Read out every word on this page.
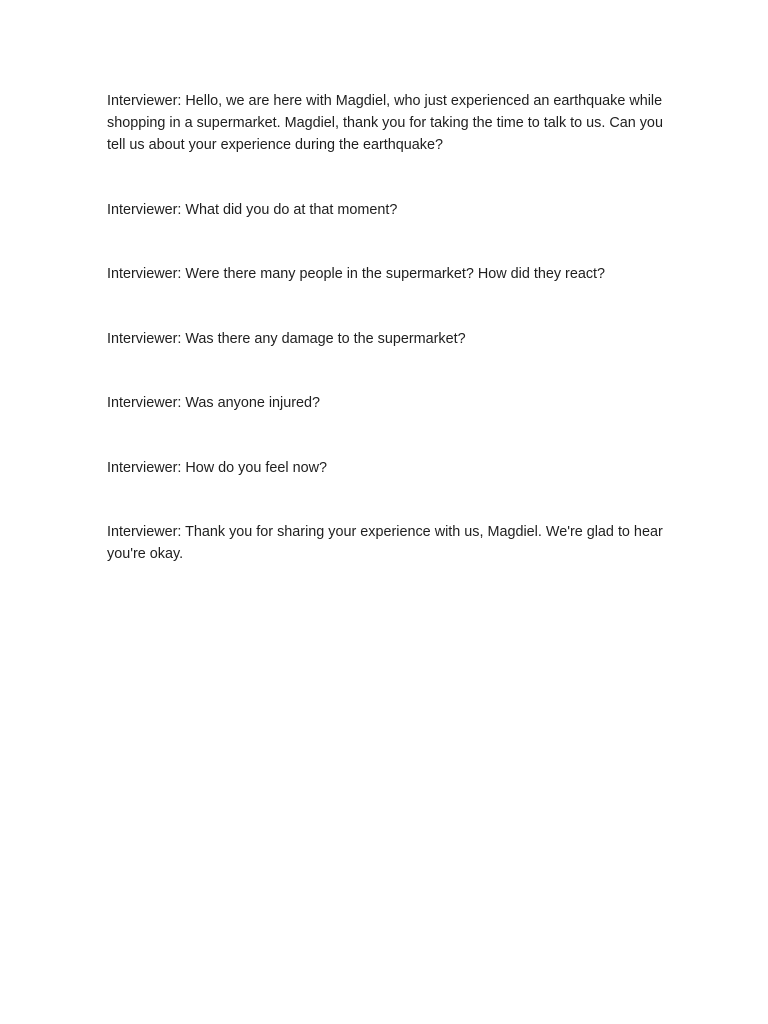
Interviewer: Hello, we are here with Magdiel, who just experienced an earthquake while shopping in a supermarket. Magdiel, thank you for taking the time to talk to us. Can you tell us about your experience during the earthquake?

Interviewer: What did you do at that moment?

Interviewer: Were there many people in the supermarket? How did they react?

Interviewer: Was there any damage to the supermarket?

Interviewer: Was anyone injured?

Interviewer: How do you feel now?

Interviewer: Thank you for sharing your experience with us, Magdiel. We're glad to hear you're okay.
